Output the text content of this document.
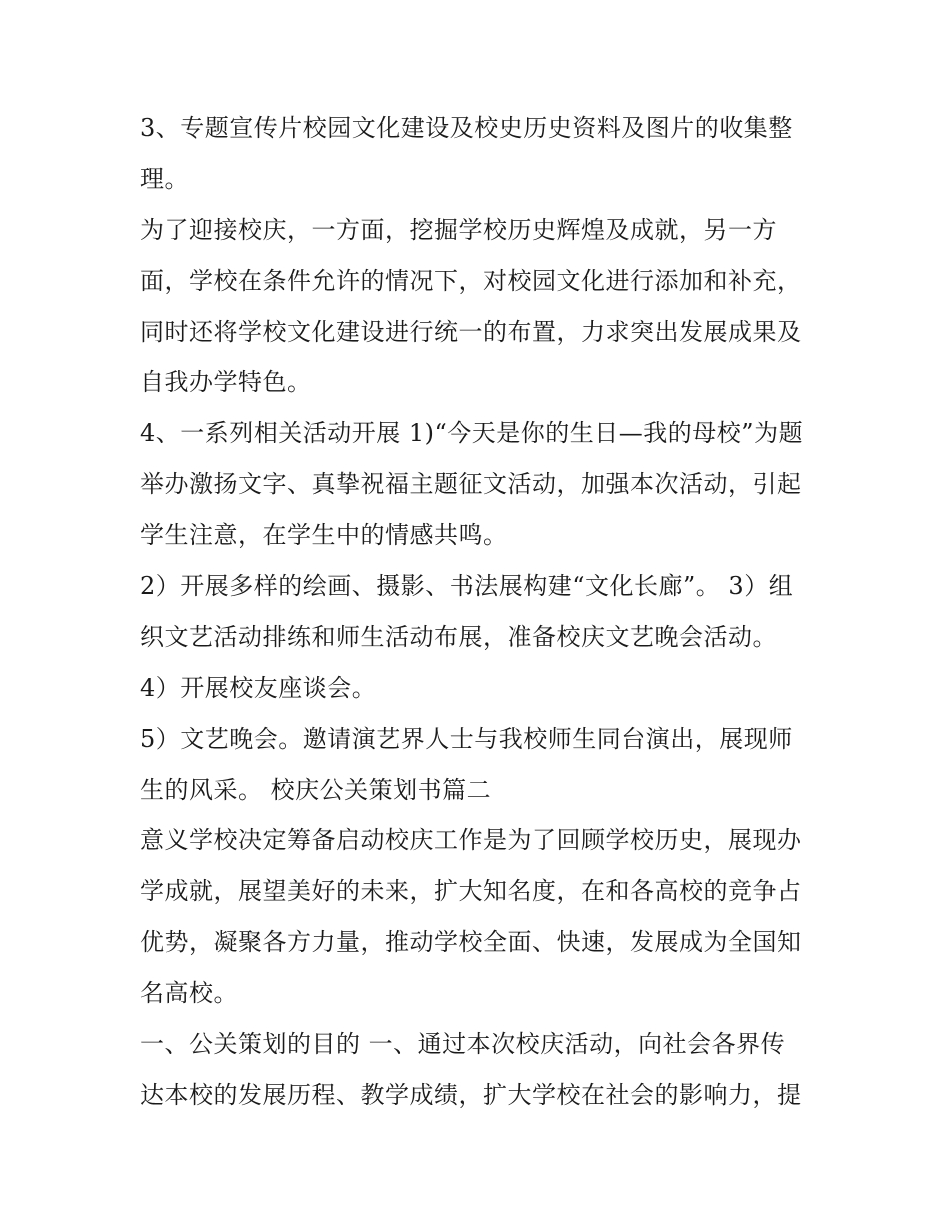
3、专题宣传片校园文化建设及校史历史资料及图片的收集整
理。
为了迎接校庆，一方面，挖掘学校历史辉煌及成就，另一方
面，学校在条件允许的情况下，对校园文化进行添加和补充，
同时还将学校文化建设进行统一的布置，力求突出发展成果及
自我办学特色。
4、一系列相关活动开展 1)“今天是你的生日—我的母校”为题
举办激扬文字、真挚祝福主题征文活动，加强本次活动，引起
学生注意，在学生中的情感共鸣。
2）开展多样的绘画、摄影、书法展构建“文化长廊”。 3）组
织文艺活动排练和师生活动布展，准备校庆文艺晚会活动。
4）开展校友座谈会。
5）文艺晚会。邀请演艺界人士与我校师生同台演出，展现师
生的风采。 校庆公关策划书篇二
意义学校决定筹备启动校庆工作是为了回顾学校历史，展现办
学成就，展望美好的未来，扩大知名度，在和各高校的竞争占
优势，凝聚各方力量，推动学校全面、快速，发展成为全国知
名高校。
一、公关策划的目的 一、通过本次校庆活动，向社会各界传
达本校的发展历程、教学成绩，扩大学校在社会的影响力，提
